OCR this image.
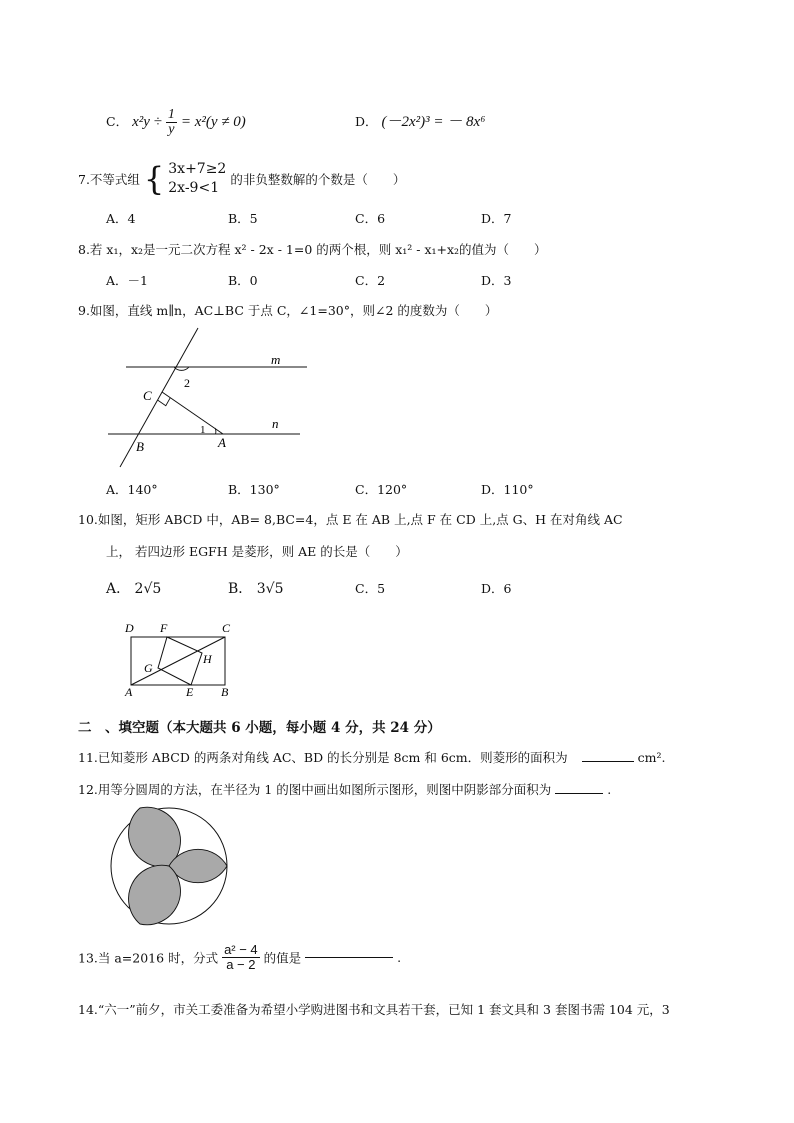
C． $x^2y \div \frac{1}{y} = x^2(y \ne 0)$	D． (－2x²)³ = － 8x⁶
7.不等式组 { 3x+7≥2
2x-9<1
的非负整数解的个数是（　　）
A．4	B．5	C．6	D．7
8.若 x₁，x₂是一元二次方程 x² - 2x - 1=0 的两个根，则 x₁² - x₁+x₂的值为（　　）
A．－1	B．0	C．2	D．3
9.如图，直线 m∥n，AC⊥BC 于点 C，∠1=30°，则∠2 的度数为（　　）
m
n
C
B	A
1
2
A．140°	B．130°	C．120°	D．110°
10.如图，矩形 ABCD 中，AB= 8,BC=4，点 E 在 AB 上,点 F 在 CD 上,点 G、H 在对角线 AC
上， 若四边形 EGFH 是菱形，则 AE 的长是（　　）
A． 2√5	B． 3√5	C．5	D．6
D F	C
G
H
A	E B
二　、填空题（本大题共 6 小题，每小题 4 分，共 24 分）
11.已知菱形 ABCD 的两条对角线 AC、BD 的长分别是 8cm 和 6cm．则菱形的面积为	cm².
12.用等分圆周的方法，在半径为 1 的图中画出如图所示图形，则图中阴影部分面积为	.
13.当 a=2016 时，分式 $\frac{\text{a² − 4}}{a - 2}$ 的值是	.
14.“六一”前夕，市关工委准备为希望小学购进图书和文具若干套，已知 1 套文具和 3 套图书需 104 元，3
